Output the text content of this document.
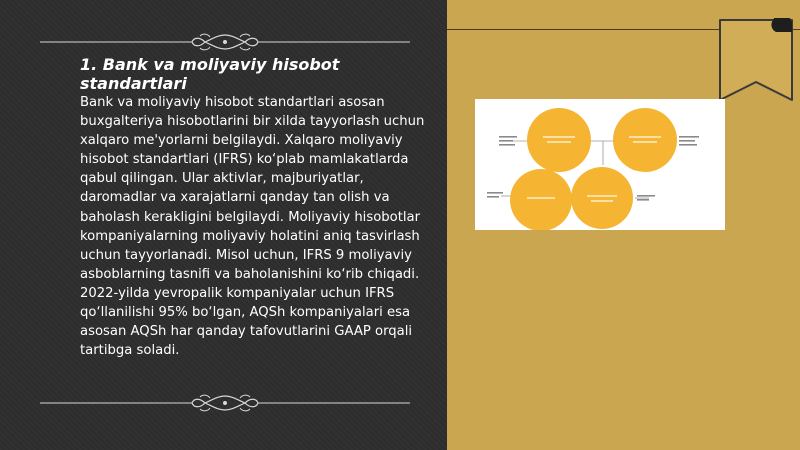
1. Bank va moliyaviy hisobot standartlari

Bank va moliyaviy hisobot standartlari asosan buxgalteriya hisobotlarini bir xilda tayyorlash uchun xalqaro me'yorlarni belgilaydi. Xalqaro moliyaviy hisobot standartlari (IFRS) ko‘plab mamlakatlarda qabul qilingan. Ular aktivlar, majburiyatlar, daromadlar va xarajatlarni qanday tan olish va baholash kerakligini belgilaydi. Moliyaviy hisobotlar kompaniyalarning moliyaviy holatini aniq tasvirlash uchun tayyorlanadi. Misol uchun, IFRS 9 moliyaviy asboblarning tasnifi va baholanishini ko‘rib chiqadi. 2022-yilda yevropalik kompaniyalar uchun IFRS qo‘llanilishi 95% bo‘lgan, AQSh kompaniyalari esa asosan AQSh har qanday tafovutlarini GAAP orqali tartibga soladi.
